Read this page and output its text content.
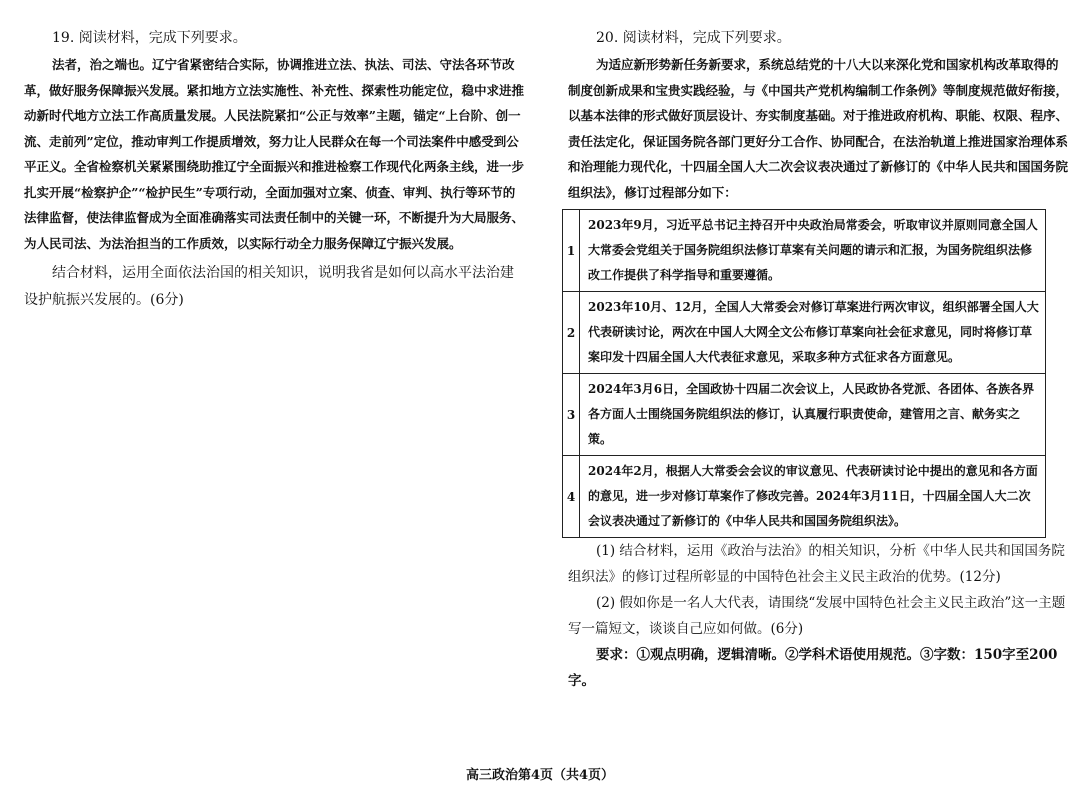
19. 阅读材料，完成下列要求。

法者，治之端也。辽宁省紧密结合实际，协调推进立法、执法、司法、守法各环节改革，做好服务保障振兴发展。紧扣地方立法实施性、补充性、探索性功能定位，稳中求进推动新时代地方立法工作高质量发展。人民法院紧扣“公正与效率”主题，锚定“上台阶、创一流、走前列”定位，推动审判工作提质增效，努力让人民群众在每一个司法案件中感受到公平正义。全省检察机关紧紧围绕助推辽宁全面振兴和推进检察工作现代化两条主线，进一步扎实开展“检察护企”“检护民生”专项行动，全面加强对立案、侦查、审判、执行等环节的法律监督，使法律监督成为全面准确落实司法责任制中的关键一环，不断提升为大局服务、为人民司法、为法治担当的工作质效，以实际行动全力服务保障辽宁振兴发展。

结合材料，运用全面依法治国的相关知识，说明我省是如何以高水平法治建设护航振兴发展的。(6分)

20. 阅读材料，完成下列要求。

为适应新形势新任务新要求，系统总结党的十八大以来深化党和国家机构改革取得的制度创新成果和宝贵实践经验，与《中国共产党机构编制工作条例》等制度规范做好衔接，以基本法律的形式做好顶层设计、夯实制度基础。对于推进政府机构、职能、权限、程序、责任法定化，保证国务院各部门更好分工合作、协同配合，在法治轨道上推进国家治理体系和治理能力现代化，十四届全国人大二次会议表决通过了新修订的《中华人民共和国国务院组织法》，修订过程部分如下：

1	2023年9月，习近平总书记主持召开中央政治局常委会，听取审议并原则同意全国人大常委会党组关于国务院组织法修订草案有关问题的请示和汇报，为国务院组织法修改工作提供了科学指导和重要遵循。
2	2023年10月、12月，全国人大常委会对修订草案进行两次审议，组织部署全国人大代表研读讨论，两次在中国人大网全文公布修订草案向社会征求意见，同时将修订草案印发十四届全国人大代表征求意见，采取多种方式征求各方面意见。
3	2024年3月6日，全国政协十四届二次会议上，人民政协各党派、各团体、各族各界各方面人士围绕国务院组织法的修订，认真履行职责使命，建管用之言、献务实之策。
4	2024年2月，根据人大常委会会议的审议意见、代表研读讨论中提出的意见和各方面的意见，进一步对修订草案作了修改完善。2024年3月11日，十四届全国人大二次会议表决通过了新修订的《中华人民共和国国务院组织法》。

(1) 结合材料，运用《政治与法治》的相关知识，分析《中华人民共和国国务院组织法》的修订过程所彰显的中国特色社会主义民主政治的优势。(12分)

(2) 假如你是一名人大代表，请围绕“发展中国特色社会主义民主政治”这一主题写一篇短文，谈谈自己应如何做。(6分)

要求：①观点明确，逻辑清晰。②学科术语使用规范。③字数：150字至200字。

高三政治第4页（共4页）
